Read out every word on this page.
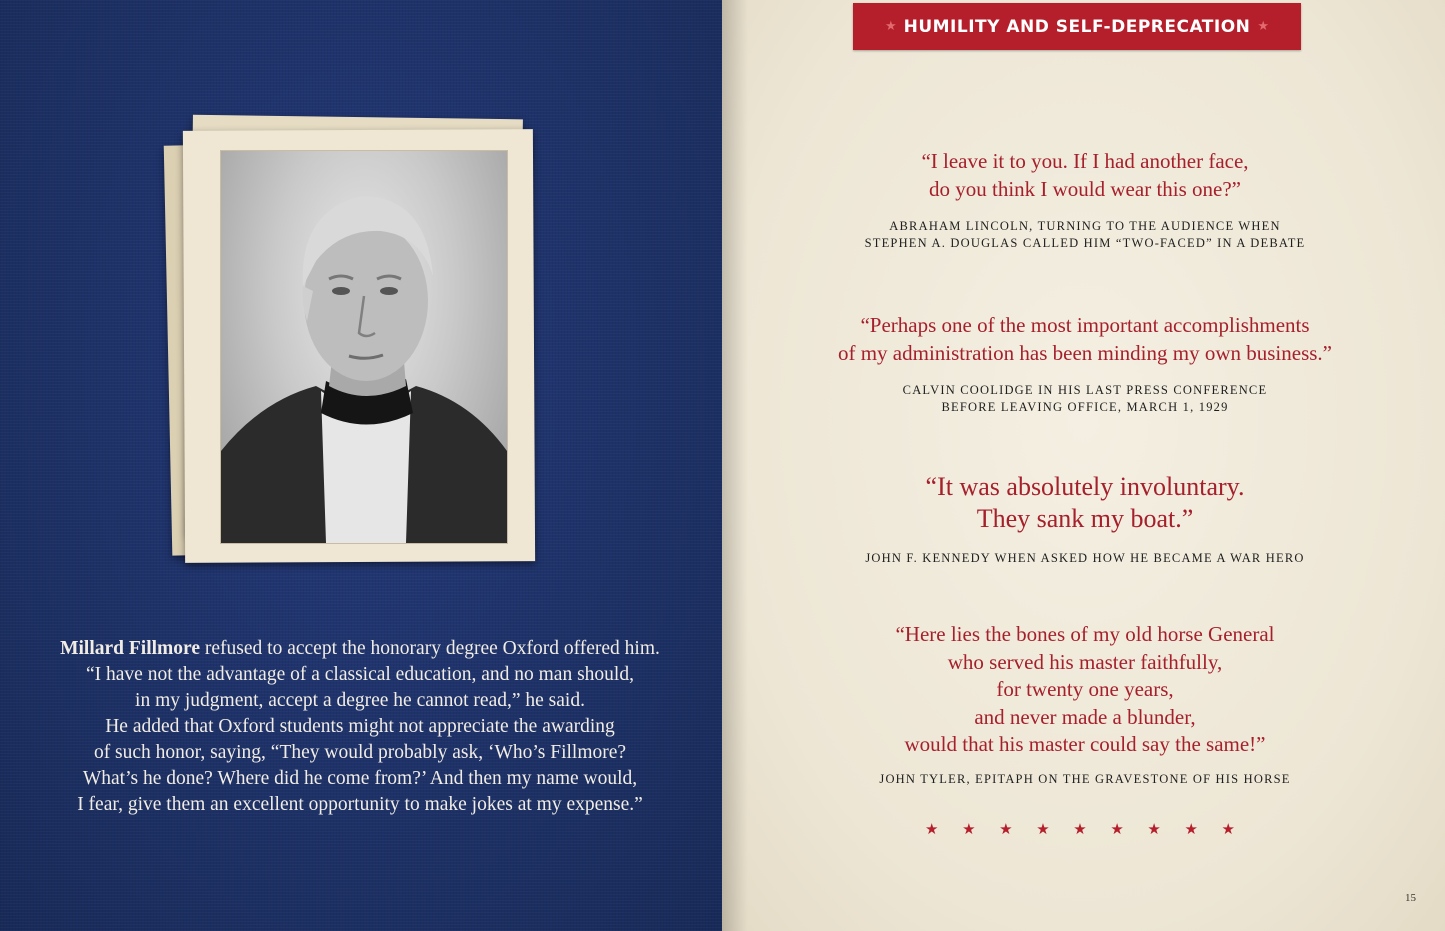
Millard Fillmore refused to accept the honorary degree Oxford offered him.
“I have not the advantage of a classical education, and no man should,
in my judgment, accept a degree he cannot read,” he said.
He added that Oxford students might not appreciate the awarding
of such honor, saying, “They would probably ask, ‘Who’s Fillmore?
What’s he done? Where did he come from?’ And then my name would,
I fear, give them an excellent opportunity to make jokes at my expense.”
★ HUMILITY AND SELF-DEPRECATION ★
“I leave it to you. If I had another face,
do you think I would wear this one?”
ABRAHAM LINCOLN, TURNING TO THE AUDIENCE WHEN
STEPHEN A. DOUGLAS CALLED HIM “TWO-FACED” IN A DEBATE
“Perhaps one of the most important accomplishments
of my administration has been minding my own business.”
CALVIN COOLIDGE IN HIS LAST PRESS CONFERENCE
BEFORE LEAVING OFFICE, MARCH 1, 1929
“It was absolutely involuntary.
They sank my boat.”
JOHN F. KENNEDY WHEN ASKED HOW HE BECAME A WAR HERO
“Here lies the bones of my old horse General
who served his master faithfully,
for twenty one years,
and never made a blunder,
would that his master could say the same!”
JOHN TYLER, EPITAPH ON THE GRAVESTONE OF HIS HORSE
★ ★ ★ ★ ★ ★ ★ ★ ★
15
